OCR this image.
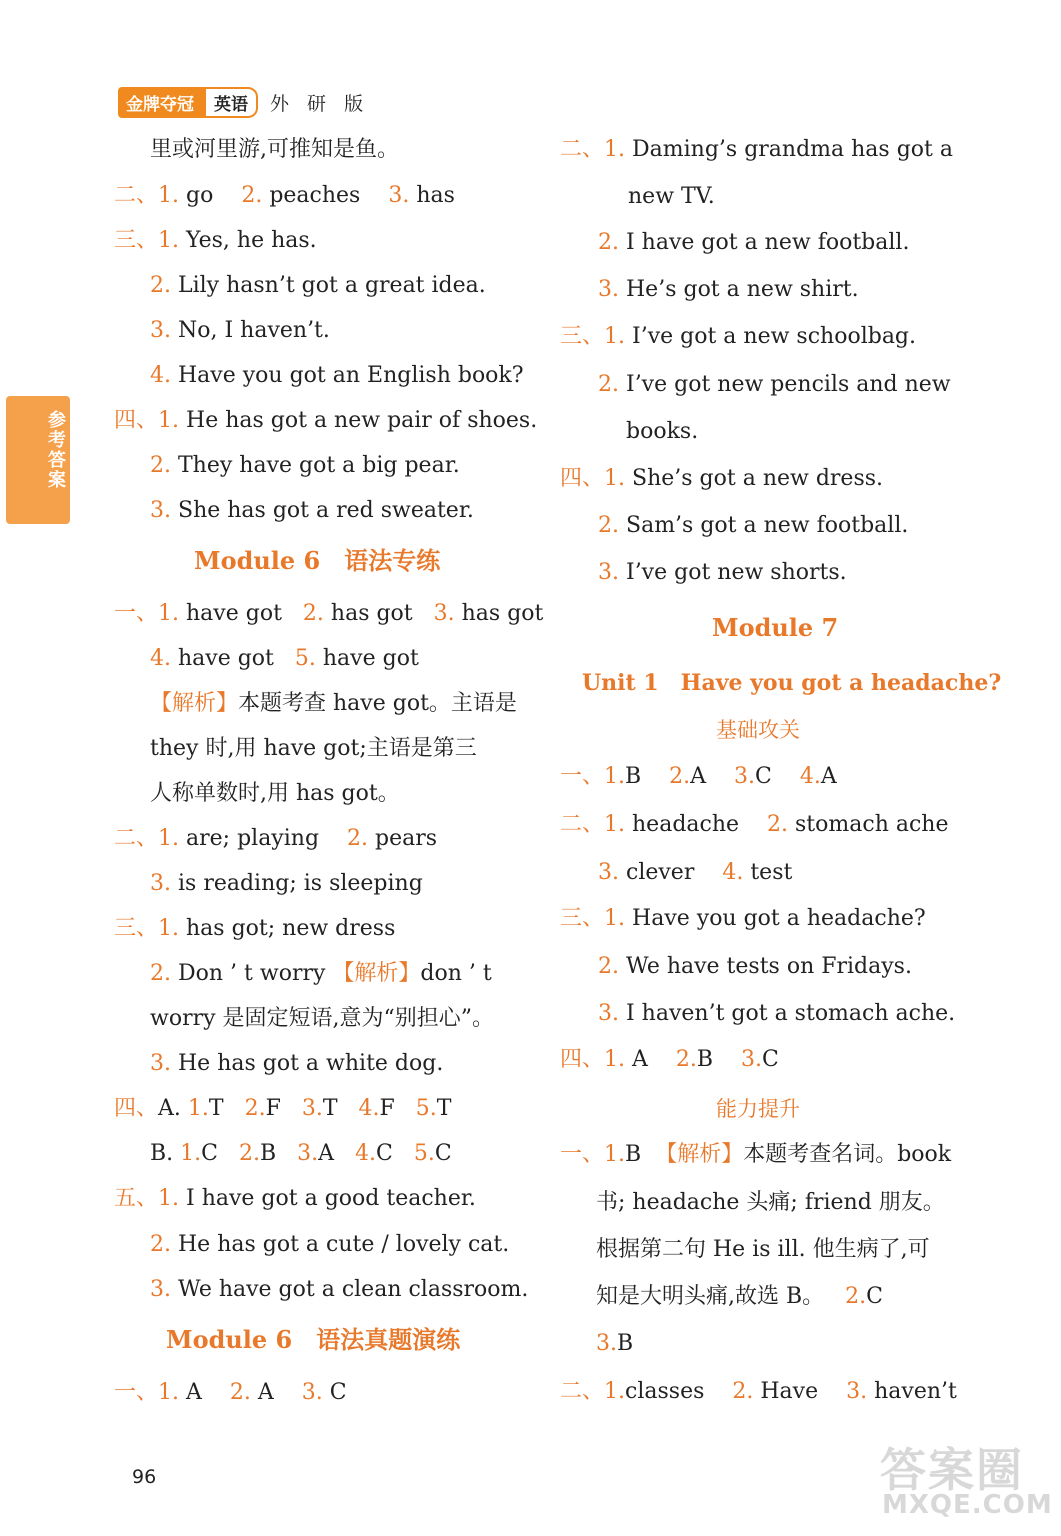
金牌夺冠	英语	外 研 版
参考答案
里或河里游,可推知是鱼。
二、1. go 2. peaches 3. has
三、1. Yes, he has.
2. Lily hasn’t got a great idea.
3. No, I haven’t.
4. Have you got an English book?
四、1. He has got a new pair of shoes.
2. They have got a big pear.
3. She has got a red sweater.
Module 6　语法专练
一、1. have got 2. has got 3. has got
4. have got 5. have got
【解析】本题考查 have got。主语是
they 时,用 have got;主语是第三
人称单数时,用 has got。
二、1. are; playing 2. pears
3. is reading; is sleeping
三、1. has got; new dress
2. Don ’ t worry 【解析】don ’ t
worry 是固定短语,意为“别担心”。
3. He has got a white dog.
四、A. 1.T 2.F 3.T 4.F 5.T
B. 1.C 2.B 3.A 4.C 5.C
五、1. I have got a good teacher.
2. He has got a cute / lovely cat.
3. We have got a clean classroom.
Module 6　语法真题演练
一、1. A 2. A 3. C
二、1. Daming’s grandma has got a
new TV.
2. I have got a new football.
3. He’s got a new shirt.
三、1. I’ve got a new schoolbag.
2. I’ve got new pencils and new
books.
四、1. She’s got a new dress.
2. Sam’s got a new football.
3. I’ve got new shorts.
Module 7
Unit 1　Have you got a headache?
基础攻关
一、1.B 2.A 3.C 4.A
二、1. headache 2. stomach ache
3. clever 4. test
三、1. Have you got a headache?
2. We have tests on Fridays.
3. I haven’t got a stomach ache.
四、1. A 2.B 3.C
能力提升
一、1.B 【解析】本题考查名词。book
书; headache 头痛; friend 朋友。
根据第二句 He is ill. 他生病了,可
知是大明头痛,故选 B。 2.C
3.B
二、1.classes 2. Have 3. haven’t
96	答案圈
MXQE.COM
